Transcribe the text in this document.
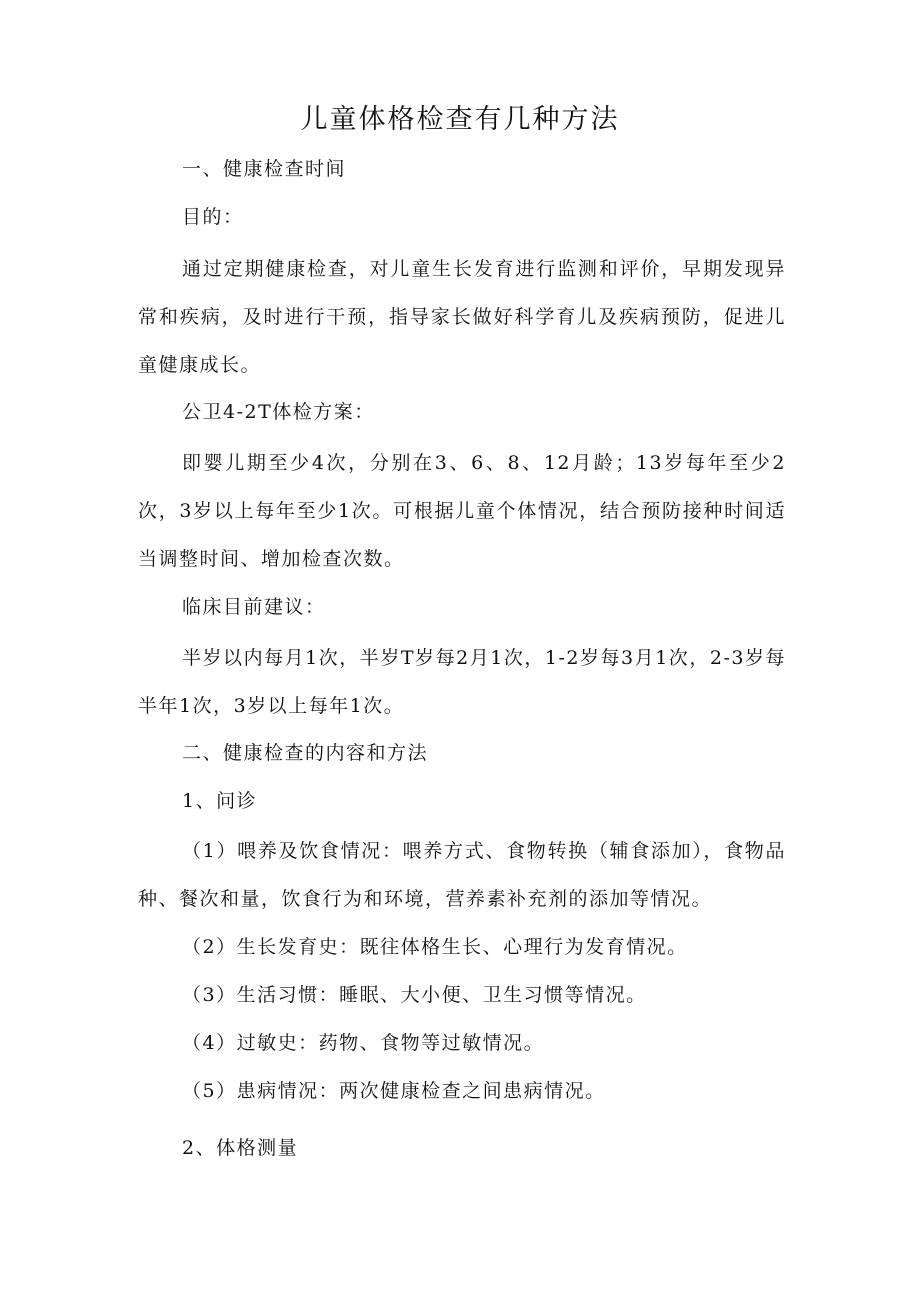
儿童体格检查有几种方法
一、健康检查时间
目的：

通过定期健康检查，对儿童生长发育进行监测和评价，早期发现异常和疾病，及时进行干预，指导家长做好科学育儿及疾病预防，促进儿童健康成长。

公卫4-2T体检方案：

即婴儿期至少4次，分别在3、6、8、12月龄；13岁每年至少2次，3岁以上每年至少1次。可根据儿童个体情况，结合预防接种时间适当调整时间、增加检查次数。

临床目前建议：

半岁以内每月1次，半岁T岁每2月1次，1-2岁每3月1次，2-3岁每半年1次，3岁以上每年1次。

二、健康检查的内容和方法
1、问诊

（1）喂养及饮食情况：喂养方式、食物转换（辅食添加），食物品种、餐次和量，饮食行为和环境，营养素补充剂的添加等情况。

（2）生长发育史：既往体格生长、心理行为发育情况。
（3）生活习惯：睡眠、大小便、卫生习惯等情况。
（4）过敏史：药物、食物等过敏情况。
（5）患病情况：两次健康检查之间患病情况。
2、体格测量
